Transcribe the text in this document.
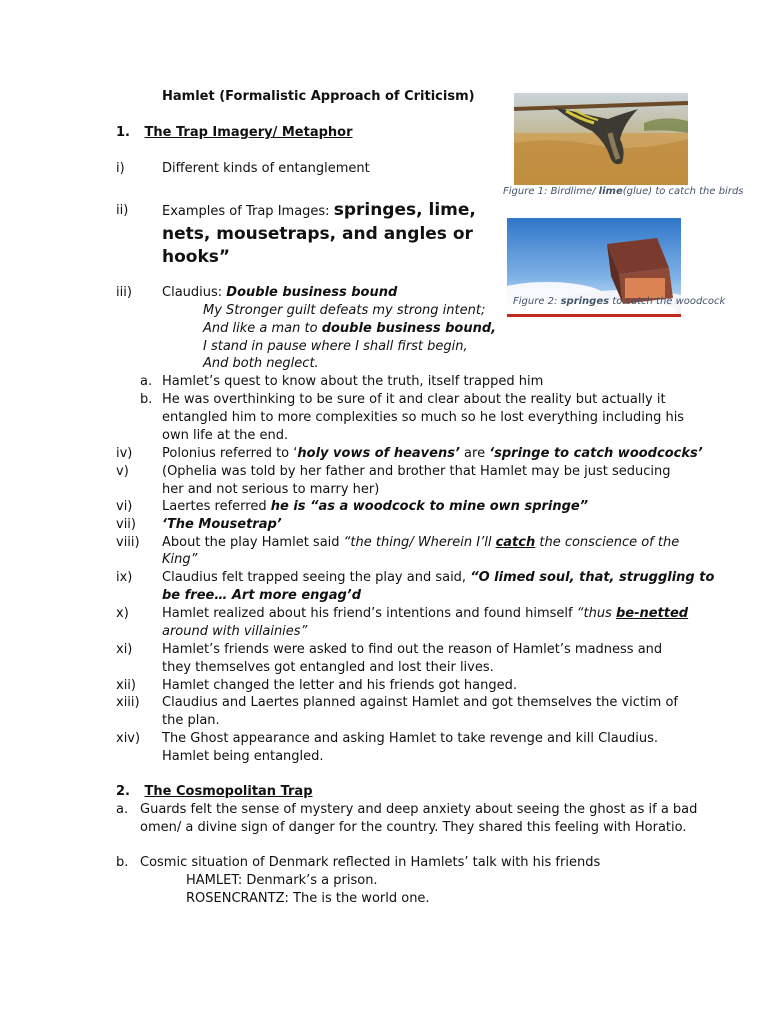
Hamlet (Formalistic Approach of Criticism)
1. The Trap Imagery/ Metaphor
i)	Different kinds of entanglement
ii)	Examples of Trap Images: springes, lime,
nets, mousetraps, and angles or
hooks”
iii) Claudius: Double business bound
My Stronger guilt defeats my strong intent;
And like a man to double business bound,
I stand in pause where I shall first begin,
And both neglect.
a. Hamlet’s quest to know about the truth, itself trapped him
b. He was overthinking to be sure of it and clear about the reality but actually it
entangled him to more complexities so much so he lost everything including his
own life at the end.
iv) Polonius referred to ‘holy vows of heavens’ are ‘springe to catch woodcocks’
v)	(Ophelia was told by her father and brother that Hamlet may be just seducing
her and not serious to marry her)
vi) Laertes referred he is “as a woodcock to mine own springe”
vii) ‘The Mousetrap’
viii) About the play Hamlet said “the thing/ Wherein I’ll catch the conscience of the
King”
ix) Claudius felt trapped seeing the play and said, “O limed soul, that, struggling to
be free… Art more engag’d
x)	Hamlet realized about his friend’s intentions and found himself “thus be-netted
around with villainies”
xi) Hamlet’s friends were asked to find out the reason of Hamlet’s madness and
they themselves got entangled and lost their lives.
xii) Hamlet changed the letter and his friends got hanged.
xiii) Claudius and Laertes planned against Hamlet and got themselves the victim of
the plan.
xiv) The Ghost appearance and asking Hamlet to take revenge and kill Claudius.
Hamlet being entangled.
2. The Cosmopolitan Trap
a. Guards felt the sense of mystery and deep anxiety about seeing the ghost as if a bad
omen/ a divine sign of danger for the country. They shared this feeling with Horatio.
b. Cosmic situation of Denmark reflected in Hamlets’ talk with his friends
HAMLET: Denmark’s a prison.
ROSENCRANTZ: The is the world one.
Figure 1: Birdlime/ lime(glue) to catch the birds
Figure 2: springes to catch the woodcock
